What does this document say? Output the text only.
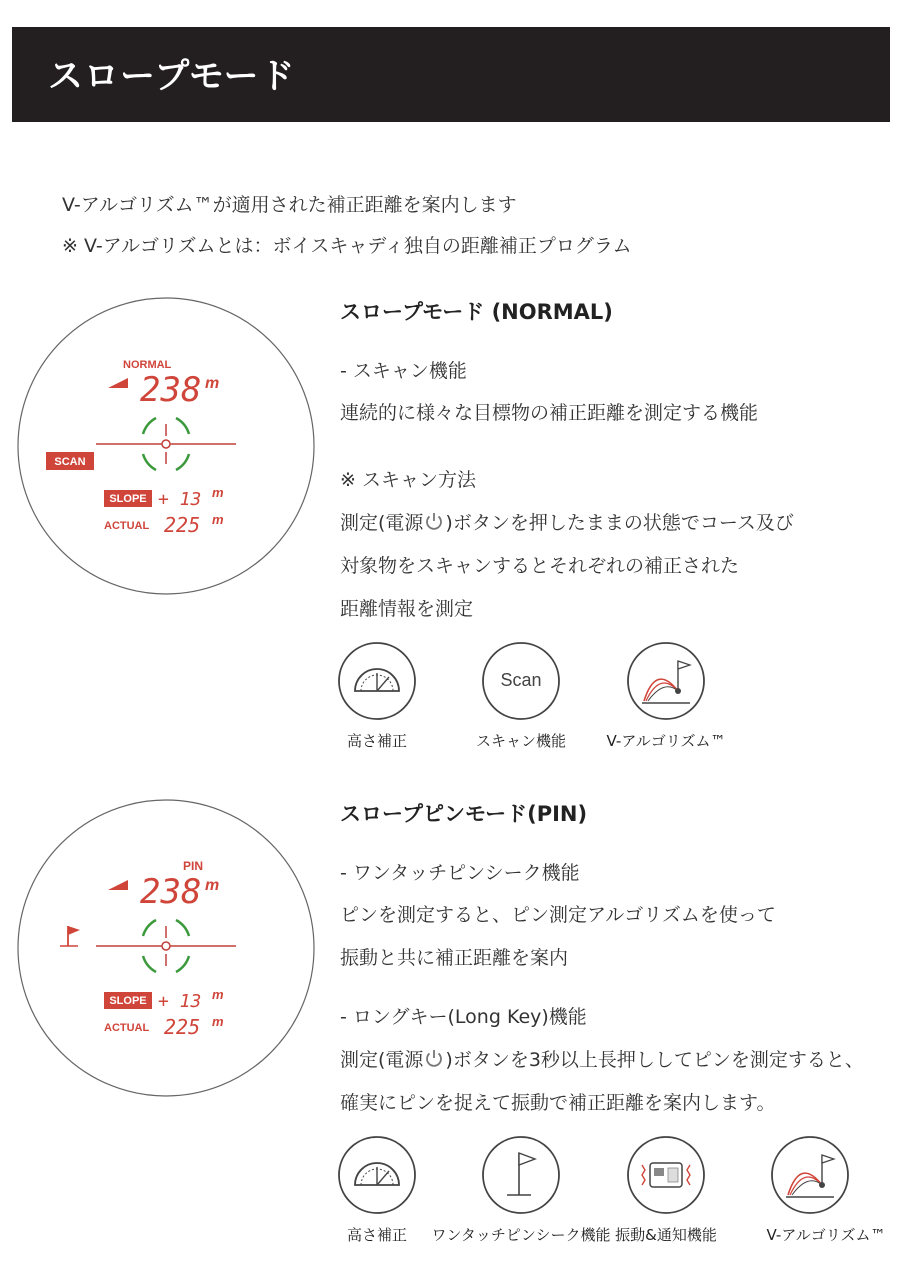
スロープモード
V-アルゴリズム™が適用された補正距離を案内します
※ V-アルゴリズムとは：ボイスキャディ独自の距離補正プログラム
NORMAL
238 m
SCAN
SLOPE + 13 m
ACTUAL 225 m
スロープモード (NORMAL)
- スキャン機能
連続的に様々な目標物の補正距離を測定する機能
※ スキャン方法
測定(電源 )ボタンを押したままの状態でコース及び
対象物をスキャンするとそれぞれの補正された
距離情報を測定
高さ補正
Scan
スキャン機能	V-アルゴリズム™
PIN
238 m
SLOPE + 13 m
ACTUAL 225 m
スロープピンモード(PIN)
- ワンタッチピンシーク機能
ピンを測定すると、ピン測定アルゴリズムを使って
振動と共に補正距離を案内
- ロングキー(Long Key)機能
測定(電源 )ボタンを3秒以上長押ししてピンを測定すると、
確実にピンを捉えて振動で補正距離を案内します。
高さ補正	ワンタッチピンシーク機能 振動&通知機能	V-アルゴリズム™
